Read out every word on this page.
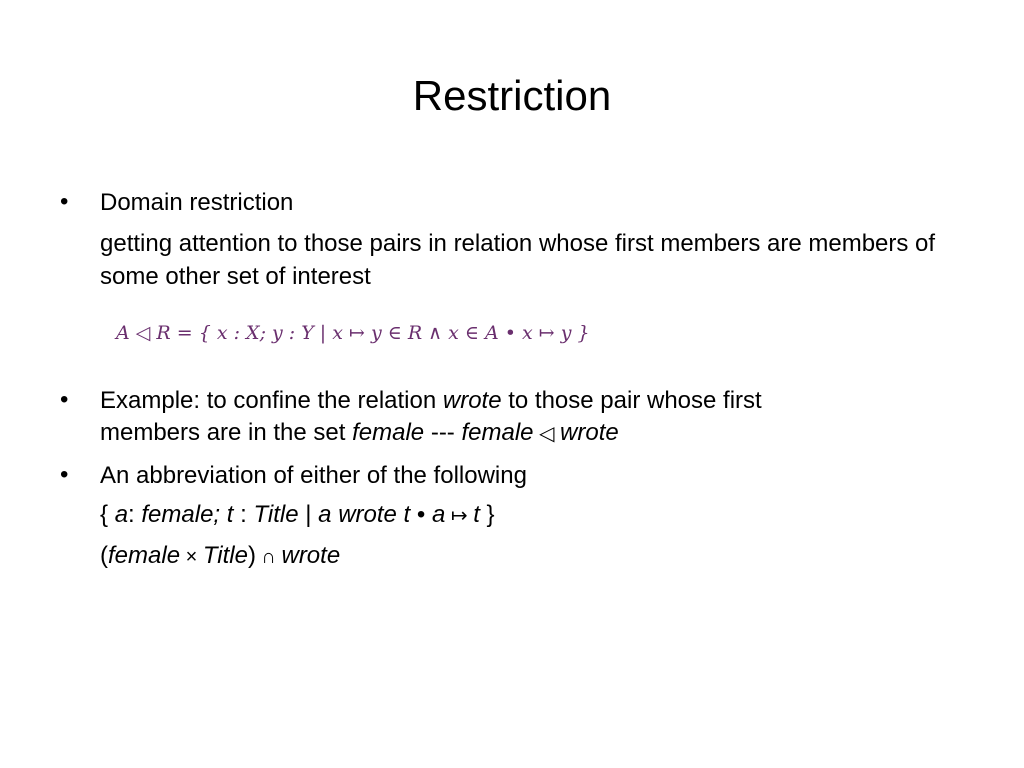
Restriction
• Domain restriction
getting attention to those pairs in relation whose first members are members of some other set of interest
A ◁ R = { x : X; y : Y | x ↦ y ∈ R ∧ x ∈ A • x ↦ y }
• Example: to confine the relation wrote to those pair whose first
members are in the set female --- female ◁ wrote
• An abbreviation of either of the following
{ a: female; t : Title | a wrote t • a ↦ t }
(female × Title) ∩ wrote
